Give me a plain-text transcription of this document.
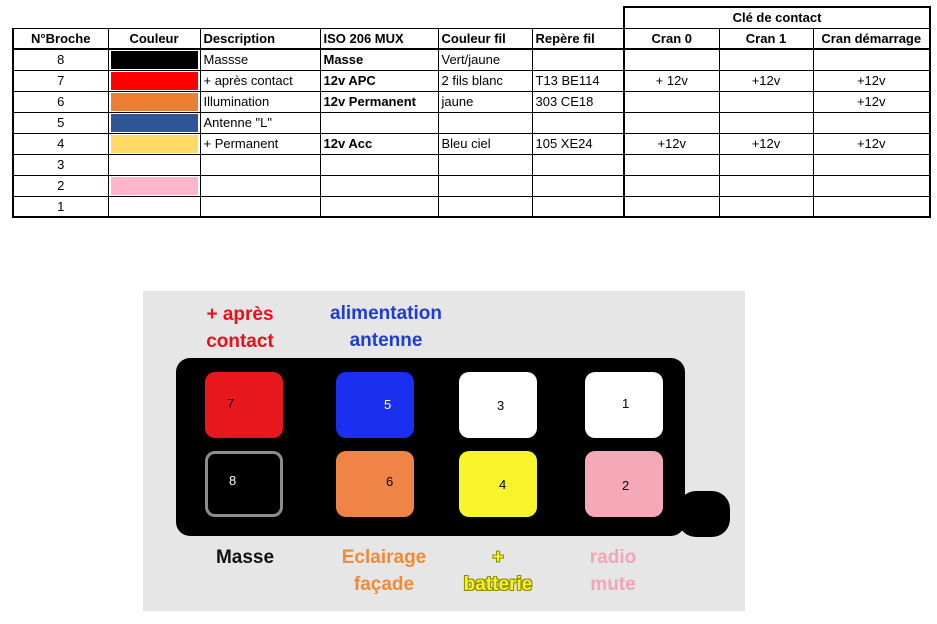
						Clé de contact		
N°Broche	Couleur	Description	ISO 206 MUX	Couleur fil	Repère fil	Cran 0	Cran 1	Cran démarrage
8		Massse	Masse	Vert/jaune				
7		+ après contact	12v APC	2 fils blanc	T13 BE114	+ 12v	+12v	+12v
6		Illumination	12v Permanent	jaune	303 CE18			+12v
5		Antenne "L"						
4		+ Permanent	12v Acc	Bleu ciel	105 XE24	+12v	+12v	+12v
3	

2	

1	

+ après
contact
alimentation
antenne
7	5	3	1
8	6	4	2
Masse	Eclairage
façade
+
batterie
radio
mute
